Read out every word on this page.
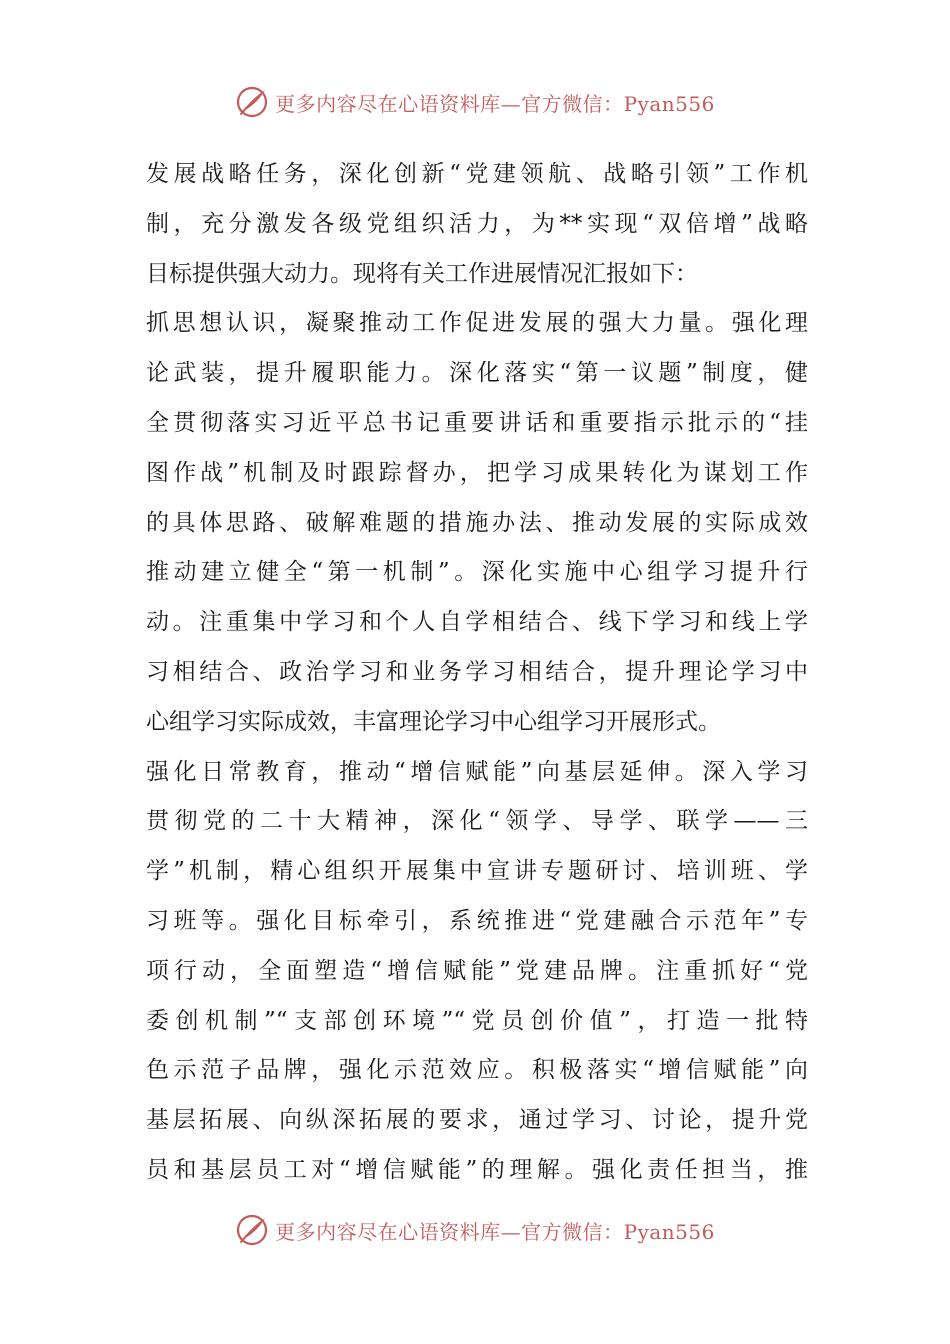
更多内容尽在心语资料库—官方微信：Pyan556
发展战略任务，深化创新“党建领航、战略引领”工作机
制，充分激发各级党组织活力，为**实现“双倍增”战略
目标提供强大动力。现将有关工作进展情况汇报如下：
抓思想认识，凝聚推动工作促进发展的强大力量。强化理
论武装，提升履职能力。深化落实“第一议题”制度，健
全贯彻落实习近平总书记重要讲话和重要指示批示的“挂
图作战”机制及时跟踪督办，把学习成果转化为谋划工作
的具体思路、破解难题的措施办法、推动发展的实际成效
推动建立健全“第一机制”。深化实施中心组学习提升行
动。注重集中学习和个人自学相结合、线下学习和线上学
习相结合、政治学习和业务学习相结合，提升理论学习中
心组学习实际成效，丰富理论学习中心组学习开展形式。
强化日常教育，推动“增信赋能”向基层延伸。深入学习
贯彻党的二十大精神，深化“领学、导学、联学——三
学”机制，精心组织开展集中宣讲专题研讨、培训班、学
习班等。强化目标牵引，系统推进“党建融合示范年”专
项行动，全面塑造“增信赋能”党建品牌。注重抓好“党
委创机制”“支部创环境”“党员创价值”，打造一批特
色示范子品牌，强化示范效应。积极落实“增信赋能”向
基层拓展、向纵深拓展的要求，通过学习、讨论，提升党
员和基层员工对“增信赋能”的理解。强化责任担当，推
更多内容尽在心语资料库—官方微信：Pyan556
